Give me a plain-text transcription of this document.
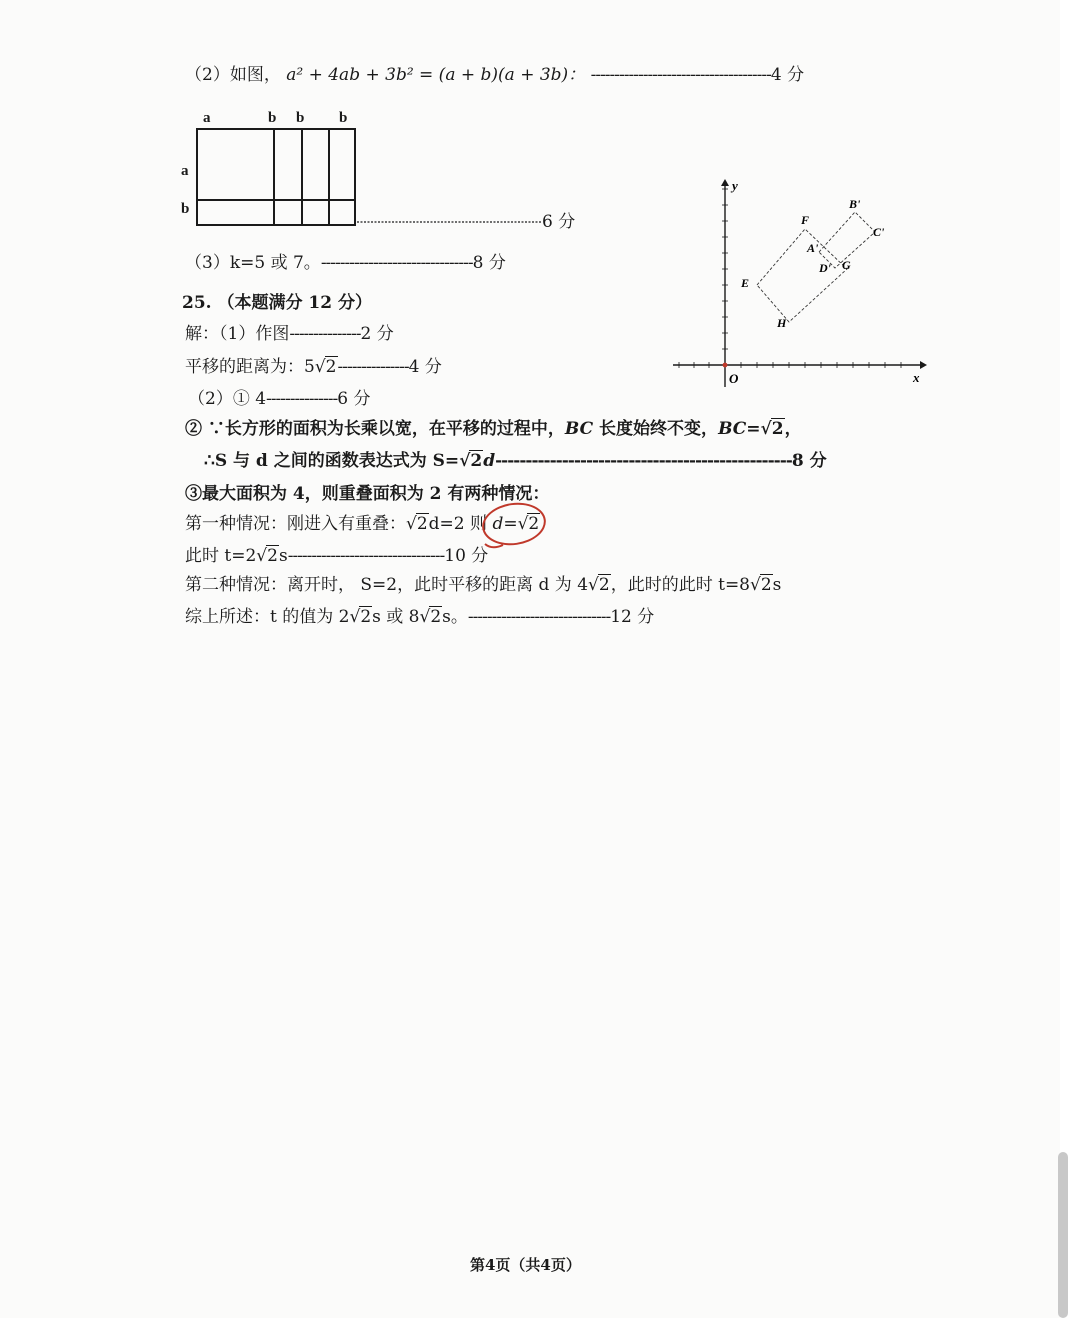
（2）如图， a² + 4ab + 3b² = (a + b)(a + 3b)： --------------------------------------4 分
a	b b b
a
b
6 分
（3）k=5 或 7。--------------------------------8 分
25. （本题满分 12 分）
解：（1）作图---------------2 分
平移的距离为：5√2---------------4 分
（2）① 4---------------6 分
② ∵长方形的面积为长乘以宽，在平移的过程中，BC 长度始终不变，BC=√2，
∴S 与 d 之间的函数表达式为 S=√2d-------------------------------------------------8 分
③最大面积为 4，则重叠面积为 2 有两种情况：
第一种情况：刚进入有重叠：√2d=2 则 d=√2
此时 t=2√2s---------------------------------10 分
第二种情况：离开时， S=2，此时平移的距离 d 为 4√2，此时的此时 t=8√2s
综上所述：t 的值为 2√2s 或 8√2s。------------------------------12 分
O	x
y
F
B'
C'
A'
D' G
E
H
第4页（共4页）
